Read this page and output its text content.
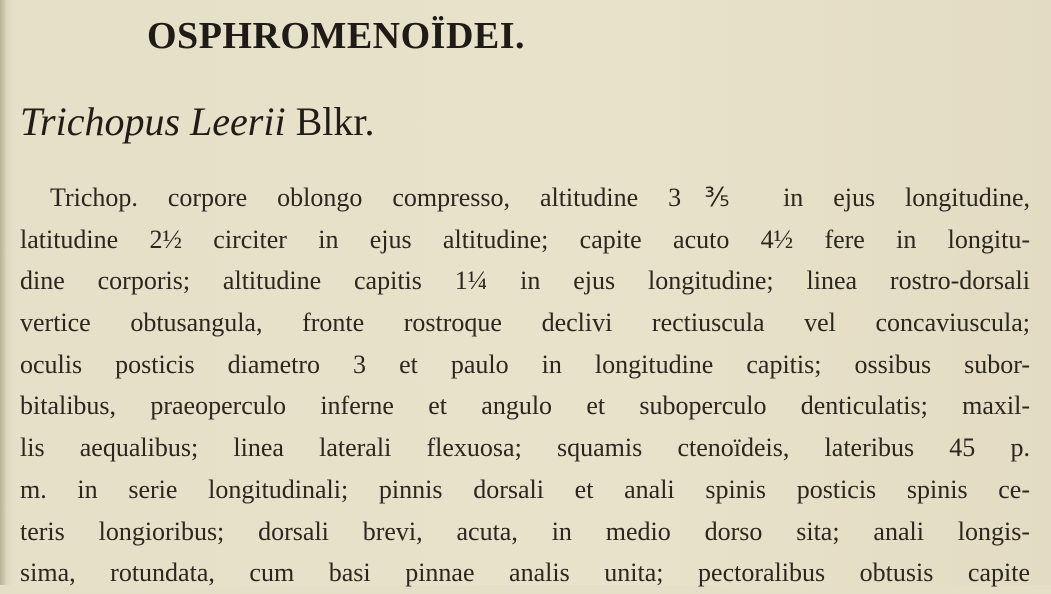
OSPHROMENOÏDEI.
Trichopus Leerii Blkr.
Trichop. corpore oblongo compresso, altitudine 3⅗ in ejus longitudine,
latitudine 2½ circiter in ejus altitudine; capite acuto 4½ fere in longitu-
dine corporis; altitudine capitis 1¼ in ejus longitudine; linea rostro-dorsali
vertice obtusangula, fronte rostroque declivi rectiuscula vel concaviuscula;
oculis posticis diametro 3 et paulo in longitudine capitis; ossibus subor-
bitalibus, praeoperculo inferne et angulo et suboperculo denticulatis; maxil-
lis aequalibus; linea laterali flexuosa; squamis ctenoïdeis, lateribus 45 p.
m. in serie longitudinali; pinnis dorsali et anali spinis posticis spinis ce-
teris longioribus; dorsali brevi, acuta, in medio dorso sita; anali longis-
sima, rotundata, cum basi pinnae analis unita; pectoralibus obtusis capite
